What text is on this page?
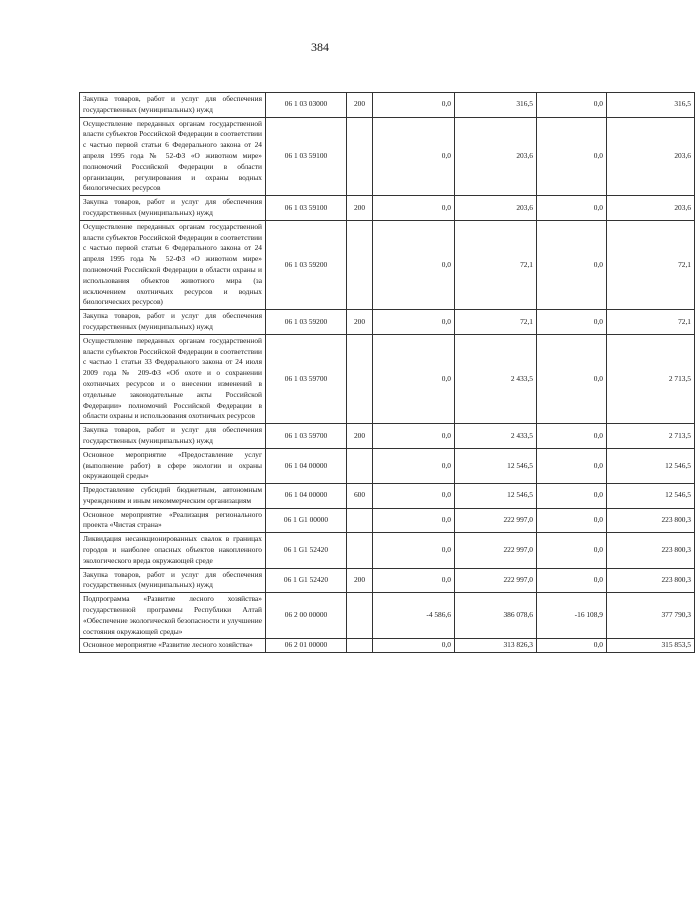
384
Закупка товаров, работ и услуг для обеспечения государственных (муниципальных) нужд	06 1 03 03000	200	0,0	316,5	0,0	316,5
Осуществление переданных органам государственной власти субъектов Российской Федерации в соответствии с частью первой статьи 6 Федерального закона от 24 апреля 1995 года № 52-ФЗ «О животном мире» полномочий Российской Федерации в области организации, регулирования и охраны водных биологических ресурсов	06 1 03 59100		0,0	203,6	0,0	203,6
Закупка товаров, работ и услуг для обеспечения государственных (муниципальных) нужд	06 1 03 59100	200	0,0	203,6	0,0	203,6
Осуществление переданных органам государственной власти субъектов Российской Федерации в соответствии с частью первой статьи 6 Федерального закона от 24 апреля 1995 года № 52-ФЗ «О животном мире» полномочий Российской Федерации в области охраны и использования объектов животного мира (за исключением охотничьих ресурсов и водных биологических ресурсов)	06 1 03 59200		0,0	72,1	0,0	72,1
Закупка товаров, работ и услуг для обеспечения государственных (муниципальных) нужд	06 1 03 59200	200	0,0	72,1	0,0	72,1
Осуществление переданных органам государственной власти субъектов Российской Федерации в соответствии с частью 1 статьи 33 Федерального закона от 24 июля 2009 года № 209-ФЗ «Об охоте и о сохранении охотничьих ресурсов и о внесении изменений в отдельные законодательные акты Российской Федерации» полномочий Российской Федерации в области охраны и использования охотничьих ресурсов	06 1 03 59700		0,0	2 433,5	0,0	2 713,5
Закупка товаров, работ и услуг для обеспечения государственных (муниципальных) нужд	06 1 03 59700	200	0,0	2 433,5	0,0	2 713,5
Основное мероприятие «Предоставление услуг (выполнение работ) в сфере экологии и охраны окружающей среды»	06 1 04 00000		0,0	12 546,5	0,0	12 546,5
Предоставление субсидий бюджетным, автономным учреждениям и иным некоммерческим организациям	06 1 04 00000	600	0,0	12 546,5	0,0	12 546,5
Основное мероприятие «Реализация регионального проекта «Чистая страна»	06 1 G1 00000		0,0	222 997,0	0,0	223 800,3
Ликвидация несанкционированных свалок в границах городов и наиболее опасных объектов накопленного экологического вреда окружающей среде	06 1 G1 52420		0,0	222 997,0	0,0	223 800,3
Закупка товаров, работ и услуг для обеспечения государственных (муниципальных) нужд	06 1 G1 52420	200	0,0	222 997,0	0,0	223 800,3
Подпрограмма «Развитие лесного хозяйства» государственной программы Республики Алтай «Обеспечение экологической безопасности и улучшение состояния окружающей среды»	06 2 00 00000		-4 586,6	386 078,6	-16 108,9	377 790,3
Основное мероприятие «Развитие лесного хозяйства»	06 2 01 00000		0,0	313 826,3	0,0	315 853,5
